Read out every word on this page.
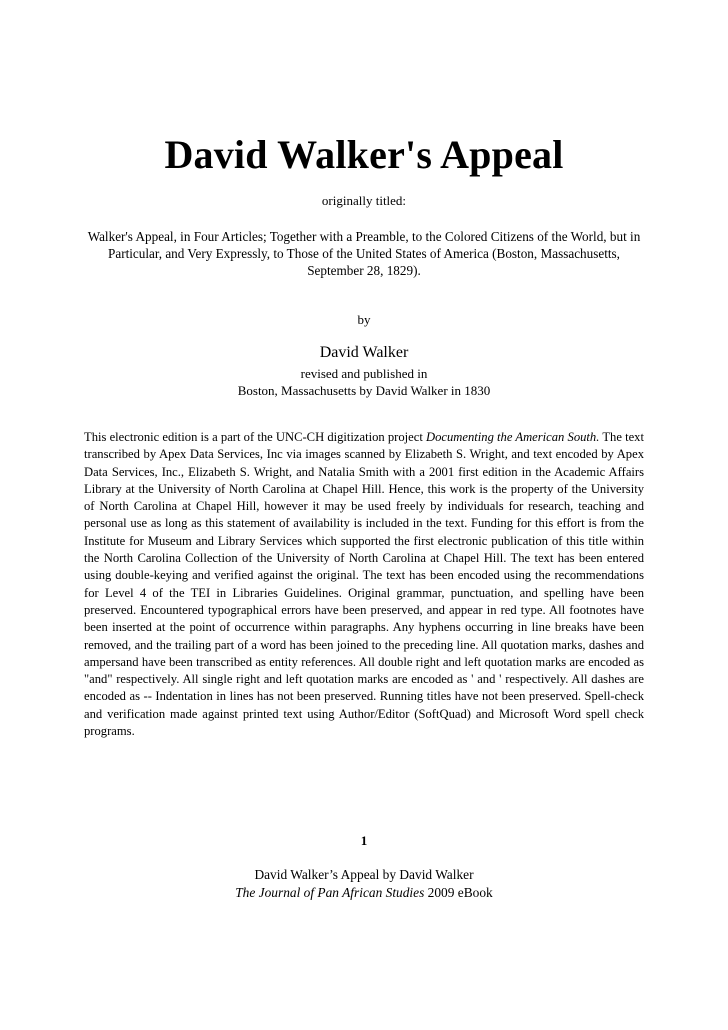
David Walker's Appeal
originally titled:
Walker's Appeal, in Four Articles; Together with a Preamble, to the Colored Citizens of the World, but in Particular, and Very Expressly, to Those of the United States of America (Boston, Massachusetts, September 28, 1829).
by
David Walker
revised and published in
Boston, Massachusetts by David Walker in 1830
This electronic edition is a part of the UNC-CH digitization project Documenting the American South. The text transcribed by Apex Data Services, Inc via images scanned by Elizabeth S. Wright, and text encoded by Apex Data Services, Inc., Elizabeth S. Wright, and Natalia Smith with a 2001 first edition in the Academic Affairs Library at the University of North Carolina at Chapel Hill. Hence, this work is the property of the University of North Carolina at Chapel Hill, however it may be used freely by individuals for research, teaching and personal use as long as this statement of availability is included in the text. Funding for this effort is from the Institute for Museum and Library Services which supported the first electronic publication of this title within the North Carolina Collection of the University of North Carolina at Chapel Hill. The text has been entered using double-keying and verified against the original. The text has been encoded using the recommendations for Level 4 of the TEI in Libraries Guidelines. Original grammar, punctuation, and spelling have been preserved. Encountered typographical errors have been preserved, and appear in red type. All footnotes have been inserted at the point of occurrence within paragraphs. Any hyphens occurring in line breaks have been removed, and the trailing part of a word has been joined to the preceding line. All quotation marks, dashes and ampersand have been transcribed as entity references. All double right and left quotation marks are encoded as "and" respectively. All single right and left quotation marks are encoded as ' and ' respectively. All dashes are encoded as -- Indentation in lines has not been preserved. Running titles have not been preserved. Spell-check and verification made against printed text using Author/Editor (SoftQuad) and Microsoft Word spell check programs.
1
David Walker’s Appeal by David Walker
The Journal of Pan African Studies 2009 eBook
